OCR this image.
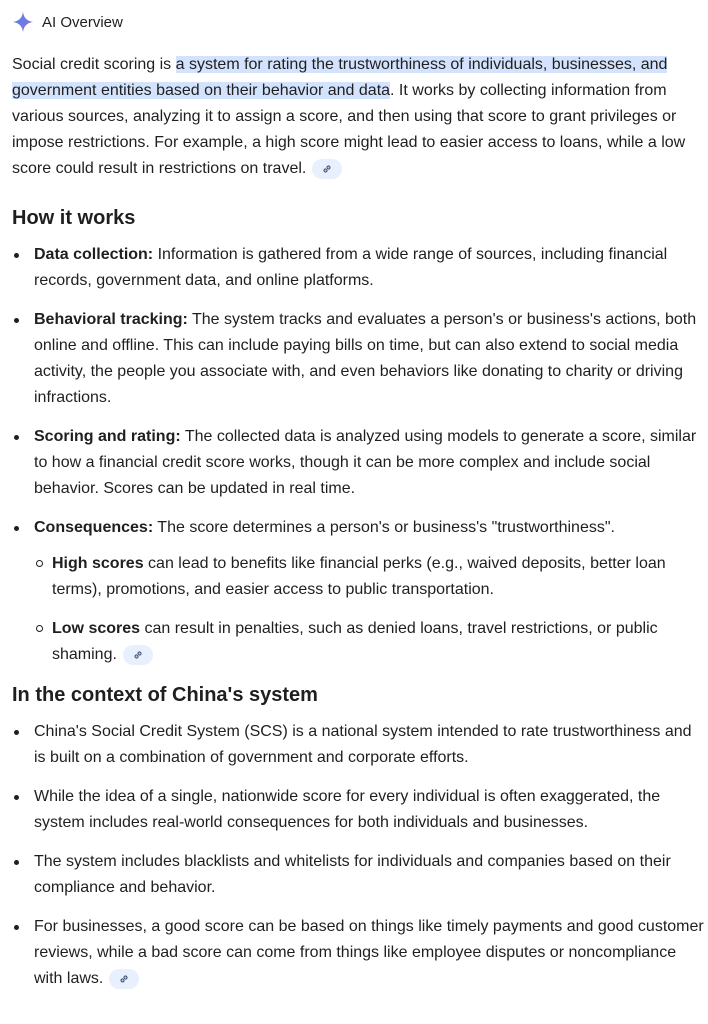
AI Overview

Social credit scoring is a system for rating the trustworthiness of individuals, businesses, and government entities based on their behavior and data. It works by collecting information from various sources, analyzing it to assign a score, and then using that score to grant privileges or impose restrictions. For example, a high score might lead to easier access to loans, while a low score could result in restrictions on travel.

How it works
Data collection: Information is gathered from a wide range of sources, including financial records, government data, and online platforms.
Behavioral tracking: The system tracks and evaluates a person's or business's actions, both online and offline. This can include paying bills on time, but can also extend to social media activity, the people you associate with, and even behaviors like donating to charity or driving infractions.
Scoring and rating: The collected data is analyzed using models to generate a score, similar to how a financial credit score works, though it can be more complex and include social behavior. Scores can be updated in real time.
Consequences: The score determines a person's or business's "trustworthiness".
High scores can lead to benefits like financial perks (e.g., waived deposits, better loan terms), promotions, and easier access to public transportation.
Low scores can result in penalties, such as denied loans, travel restrictions, or public shaming.
In the context of China's system
China's Social Credit System (SCS) is a national system intended to rate trustworthiness and is built on a combination of government and corporate efforts.
While the idea of a single, nationwide score for every individual is often exaggerated, the system includes real-world consequences for both individuals and businesses.
The system includes blacklists and whitelists for individuals and companies based on their compliance and behavior.
For businesses, a good score can be based on things like timely payments and good customer reviews, while a bad score can come from things like employee disputes or noncompliance with laws.
